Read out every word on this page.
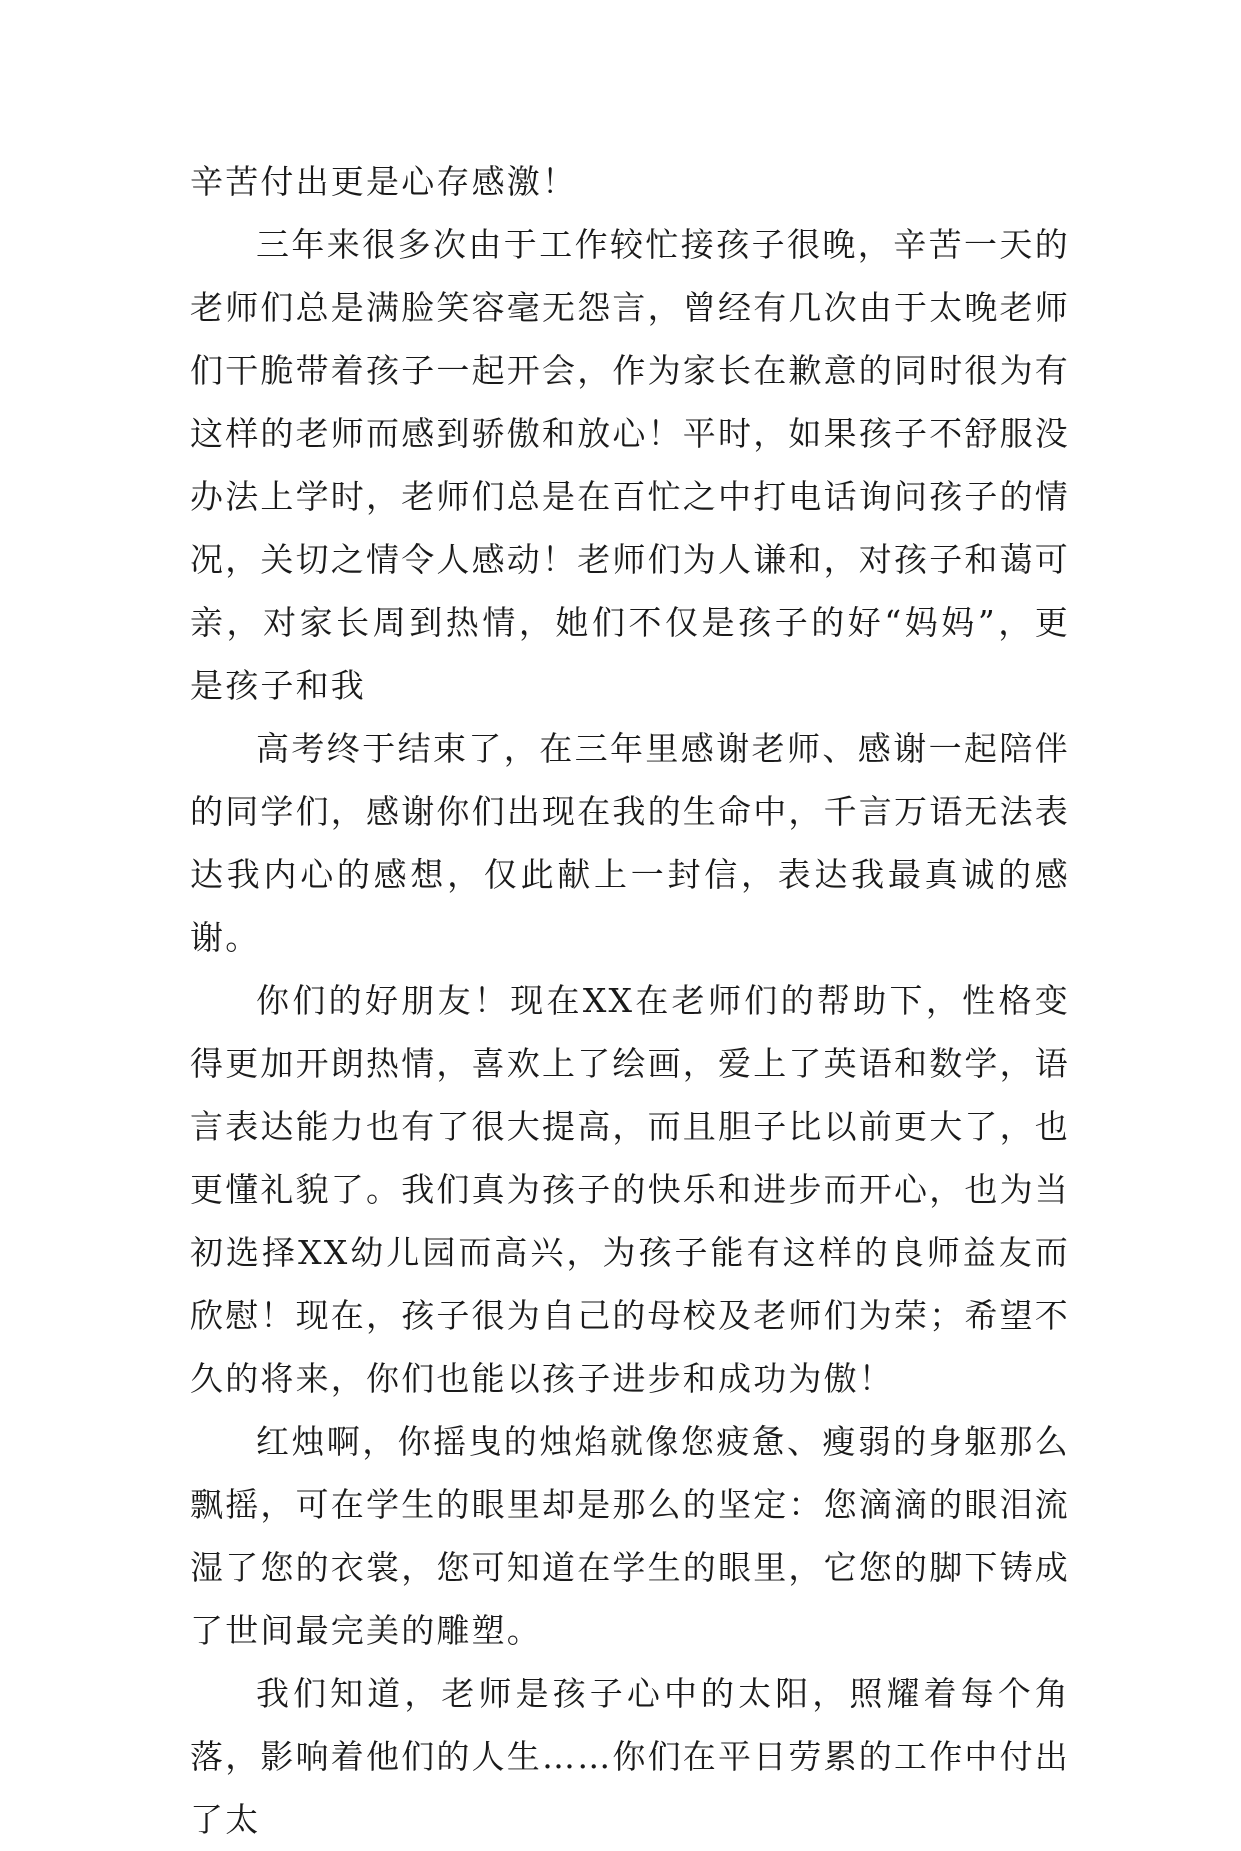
辛苦付出更是心存感激！

三年来很多次由于工作较忙接孩子很晚，辛苦一天的老师们总是满脸笑容毫无怨言，曾经有几次由于太晚老师们干脆带着孩子一起开会，作为家长在歉意的同时很为有这样的老师而感到骄傲和放心！平时，如果孩子不舒服没办法上学时，老师们总是在百忙之中打电话询问孩子的情况，关切之情令人感动！老师们为人谦和，对孩子和蔼可亲，对家长周到热情，她们不仅是孩子的好“妈妈”，更是孩子和我

高考终于结束了，在三年里感谢老师、感谢一起陪伴的同学们，感谢你们出现在我的生命中，千言万语无法表达我内心的感想，仅此献上一封信，表达我最真诚的感谢。

你们的好朋友！现在XX在老师们的帮助下，性格变得更加开朗热情，喜欢上了绘画，爱上了英语和数学，语言表达能力也有了很大提高，而且胆子比以前更大了，也更懂礼貌了。我们真为孩子的快乐和进步而开心，也为当初选择XX幼儿园而高兴，为孩子能有这样的良师益友而欣慰！现在，孩子很为自己的母校及老师们为荣；希望不久的将来，你们也能以孩子进步和成功为傲！

红烛啊，你摇曳的烛焰就像您疲惫、瘦弱的身躯那么飘摇，可在学生的眼里却是那么的坚定：您滴滴的眼泪流湿了您的衣裳，您可知道在学生的眼里，它您的脚下铸成了世间最完美的雕塑。

我们知道，老师是孩子心中的太阳，照耀着每个角落，影响着他们的人生……你们在平日劳累的工作中付出了太
